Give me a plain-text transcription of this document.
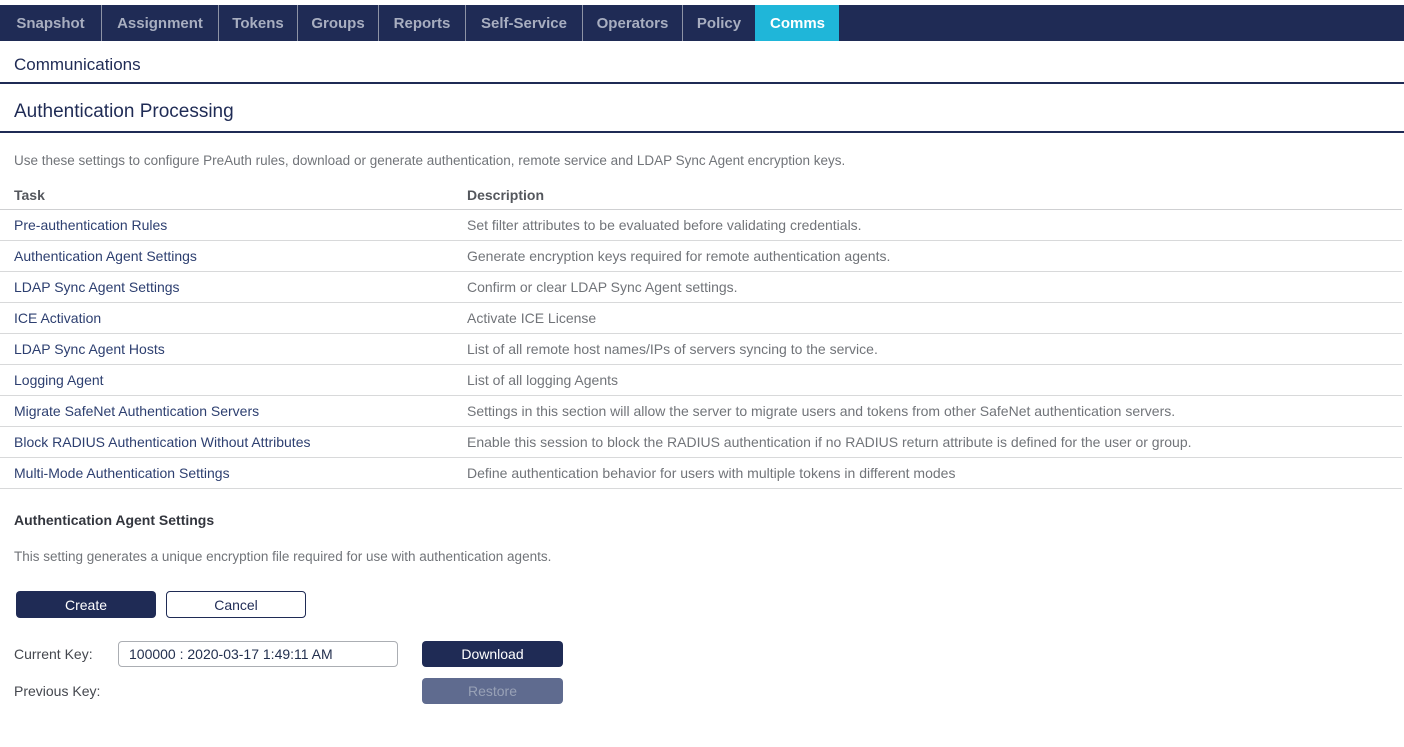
Snapshot	Assignment	Tokens	Groups	Reports	Self-Service	Operators	Policy	Comms
Communications
Authentication Processing
Use these settings to configure PreAuth rules, download or generate authentication, remote service and LDAP Sync Agent encryption keys.
Task	Description
Pre-authentication Rules	Set filter attributes to be evaluated before validating credentials.
Authentication Agent Settings	Generate encryption keys required for remote authentication agents.
LDAP Sync Agent Settings	Confirm or clear LDAP Sync Agent settings.
ICE Activation	Activate ICE License
LDAP Sync Agent Hosts	List of all remote host names/IPs of servers syncing to the service.
Logging Agent	List of all logging Agents
Migrate SafeNet Authentication Servers	Settings in this section will allow the server to migrate users and tokens from other SafeNet authentication servers.
Block RADIUS Authentication Without Attributes	Enable this session to block the RADIUS authentication if no RADIUS return attribute is defined for the user or group.
Multi-Mode Authentication Settings	Define authentication behavior for users with multiple tokens in different modes
Authentication Agent Settings
This setting generates a unique encryption file required for use with authentication agents.
Create	Cancel
Current Key:
100000 : 2020-03-17 1:49:11 AM	Download
Previous Key:	Restore
